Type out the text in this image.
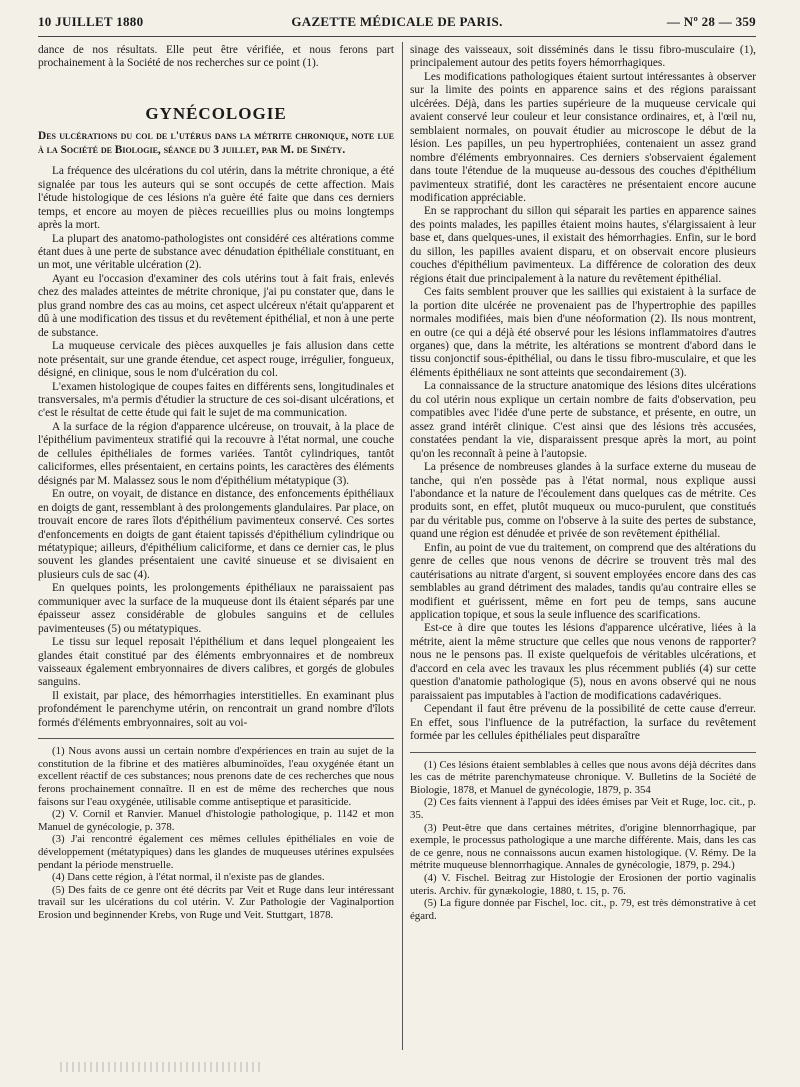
10 JUILLET 1880	GAZETTE MÉDICALE DE PARIS.	— Nº 28 — 359

dance de nos résultats. Elle peut être vérifiée, et nous ferons part prochainement à la Société de nos recherches sur ce point (1).

GYNÉCOLOGIE

Des ulcérations du col de l'utérus dans la métrite chronique, note lue à la Société de Biologie, séance du 3 juillet, par M. de Sinéty.

La fréquence des ulcérations du col utérin, dans la métrite chronique, a été signalée par tous les auteurs qui se sont occupés de cette affection. Mais l'étude histologique de ces lésions n'a guère été faite que dans ces derniers temps, et encore au moyen de pièces recueillies plus ou moins longtemps après la mort.

La plupart des anatomo-pathologistes ont considéré ces altérations comme étant dues à une perte de substance avec dénudation épithéliale constituant, en un mot, une véritable ulcération (2).

Ayant eu l'occasion d'examiner des cols utérins tout à fait frais, enlevés chez des malades atteintes de métrite chronique, j'ai pu constater que, dans le plus grand nombre des cas au moins, cet aspect ulcéreux n'était qu'apparent et dû à une modification des tissus et du revêtement épithélial, et non à une perte de substance.

La muqueuse cervicale des pièces auxquelles je fais allusion dans cette note présentait, sur une grande étendue, cet aspect rouge, irrégulier, fongueux, désigné, en clinique, sous le nom d'ulcération du col.

L'examen histologique de coupes faites en différents sens, longitudinales et transversales, m'a permis d'étudier la structure de ces soi-disant ulcérations, et c'est le résultat de cette étude qui fait le sujet de ma communication.

A la surface de la région d'apparence ulcéreuse, on trouvait, à la place de l'épithélium pavimenteux stratifié qui la recouvre à l'état normal, une couche de cellules épithéliales de formes variées. Tantôt cylindriques, tantôt caliciformes, elles présentaient, en certains points, les caractères des éléments désignés par M. Malassez sous le nom d'épithélium métatypique (3).

En outre, on voyait, de distance en distance, des enfoncements épithéliaux en doigts de gant, ressemblant à des prolongements glandulaires. Par place, on trouvait encore de rares îlots d'épithélium pavimenteux conservé. Ces sortes d'enfoncements en doigts de gant étaient tapissés d'épithélium cylindrique ou métatypique; ailleurs, d'épithélium caliciforme, et dans ce dernier cas, le plus souvent les glandes présentaient une cavité sinueuse et se divisaient en plusieurs culs de sac (4).

En quelques points, les prolongements épithéliaux ne paraissaient pas communiquer avec la surface de la muqueuse dont ils étaient séparés par une épaisseur assez considérable de globules sanguins et de cellules pavimenteuses (5) ou métatypiques.

Le tissu sur lequel reposait l'épithélium et dans lequel plongeaient les glandes était constitué par des éléments embryonnaires et de nombreux vaisseaux également embryonnaires de divers calibres, et gorgés de globules sanguins.

Il existait, par place, des hémorrhagies interstitielles. En examinant plus profondément le parenchyme utérin, on rencontrait un grand nombre d'îlots formés d'éléments embryonnaires, soit au voi-

(1) Nous avons aussi un certain nombre d'expériences en train au sujet de la constitution de la fibrine et des matières albuminoïdes, l'eau oxygénée étant un excellent réactif de ces substances; nous prenons date de ces recherches que nous ferons prochainement connaître. Il en est de même des recherches que nous faisons sur l'eau oxygénée, utilisable comme antiseptique et parasiticide.

(2) V. Cornil et Ranvier. Manuel d'histologie pathologique, p. 1142 et mon Manuel de gynécologie, p. 378.

(3) J'ai rencontré également ces mêmes cellules épithéliales en voie de développement (métatypiques) dans les glandes de muqueuses utérines expulsées pendant la période menstruelle.

(4) Dans cette région, à l'état normal, il n'existe pas de glandes.

(5) Des faits de ce genre ont été décrits par Veit et Ruge dans leur intéressant travail sur les ulcérations du col utérin. V. Zur Pathologie der Vaginalportion Erosion und beginnender Krebs, von Ruge und Veit. Stuttgart, 1878.

sinage des vaisseaux, soit disséminés dans le tissu fibro-musculaire (1), principalement autour des petits foyers hémorrhagiques.

Les modifications pathologiques étaient surtout intéressantes à observer sur la limite des points en apparence sains et des régions paraissant ulcérées. Déjà, dans les parties supérieure de la muqueuse cervicale qui avaient conservé leur couleur et leur consistance ordinaires, et, à l'œil nu, semblaient normales, on pouvait étudier au microscope le début de la lésion. Les papilles, un peu hypertrophiées, contenaient un assez grand nombre d'éléments embryonnaires. Ces derniers s'observaient également dans toute l'étendue de la muqueuse au-dessous des couches d'épithélium pavimenteux stratifié, dont les caractères ne présentaient encore aucune modification appréciable.

En se rapprochant du sillon qui séparait les parties en apparence saines des points malades, les papilles étaient moins hautes, s'élargissaient à leur base et, dans quelques-unes, il existait des hémorrhagies. Enfin, sur le bord du sillon, les papilles avaient disparu, et on observait encore plusieurs couches d'épithélium pavimenteux. La différence de coloration des deux régions était due principalement à la nature du revêtement épithélial.

Ces faits semblent prouver que les saillies qui existaient à la surface de la portion dite ulcérée ne provenaient pas de l'hypertrophie des papilles normales modifiées, mais bien d'une néoformation (2). Ils nous montrent, en outre (ce qui a déjà été observé pour les lésions inflammatoires d'autres organes) que, dans la métrite, les altérations se montrent d'abord dans le tissu conjonctif sous-épithélial, ou dans le tissu fibro-musculaire, et que les éléments épithéliaux ne sont atteints que secondairement (3).

La connaissance de la structure anatomique des lésions dites ulcérations du col utérin nous explique un certain nombre de faits d'observation, peu compatibles avec l'idée d'une perte de substance, et présente, en outre, un assez grand intérêt clinique. C'est ainsi que des lésions très accusées, constatées pendant la vie, disparaissent presque après la mort, au point qu'on les reconnaît à peine à l'autopsie.

La présence de nombreuses glandes à la surface externe du museau de tanche, qui n'en possède pas à l'état normal, nous explique aussi l'abondance et la nature de l'écoulement dans quelques cas de métrite. Ces produits sont, en effet, plutôt muqueux ou muco-purulent, que constitués par du véritable pus, comme on l'observe à la suite des pertes de substance, quand une région est dénudée et privée de son revêtement épithélial.

Enfin, au point de vue du traitement, on comprend que des altérations du genre de celles que nous venons de décrire se trouvent très mal des cautérisations au nitrate d'argent, si souvent employées encore dans des cas semblables au grand détriment des malades, tandis qu'au contraire elles se modifient et guérissent, même en fort peu de temps, sans aucune application topique, et sous la seule influence des scarifications.

Est-ce à dire que toutes les lésions d'apparence ulcérative, liées à la métrite, aient la même structure que celles que nous venons de rapporter? nous ne le pensons pas. Il existe quelquefois de véritables ulcérations, et d'accord en cela avec les travaux les plus récemment publiés (4) sur cette question d'anatomie pathologique (5), nous en avons observé qui ne nous paraissaient pas imputables à l'action de modifications cadavériques.

Cependant il faut être prévenu de la possibilité de cette cause d'erreur. En effet, sous l'influence de la putréfaction, la surface du revêtement formée par les cellules épithéliales peut disparaître

(1) Ces lésions étaient semblables à celles que nous avons déjà décrites dans les cas de métrite parenchymateuse chronique. V. Bulletins de la Société de Biologie, 1878, et Manuel de gynécologie, 1879, p. 354

(2) Ces faits viennent à l'appui des idées émises par Veit et Ruge, loc. cit., p. 35.

(3) Peut-être que dans certaines métrites, d'origine blennorrhagique, par exemple, le processus pathologique a une marche différente. Mais, dans les cas de ce genre, nous ne connaissons aucun examen histologique. (V. Rémy. De la métrite muqueuse blennorrhagique. Annales de gynécologie, 1879, p. 294.)

(4) V. Fischel. Beitrag zur Histologie der Erosionen der portio vaginalis uteris. Archiv. für gynækologie, 1880, t. 15, p. 76.

(5) La figure donnée par Fischel, loc. cit., p. 79, est très démonstrative à cet égard.
